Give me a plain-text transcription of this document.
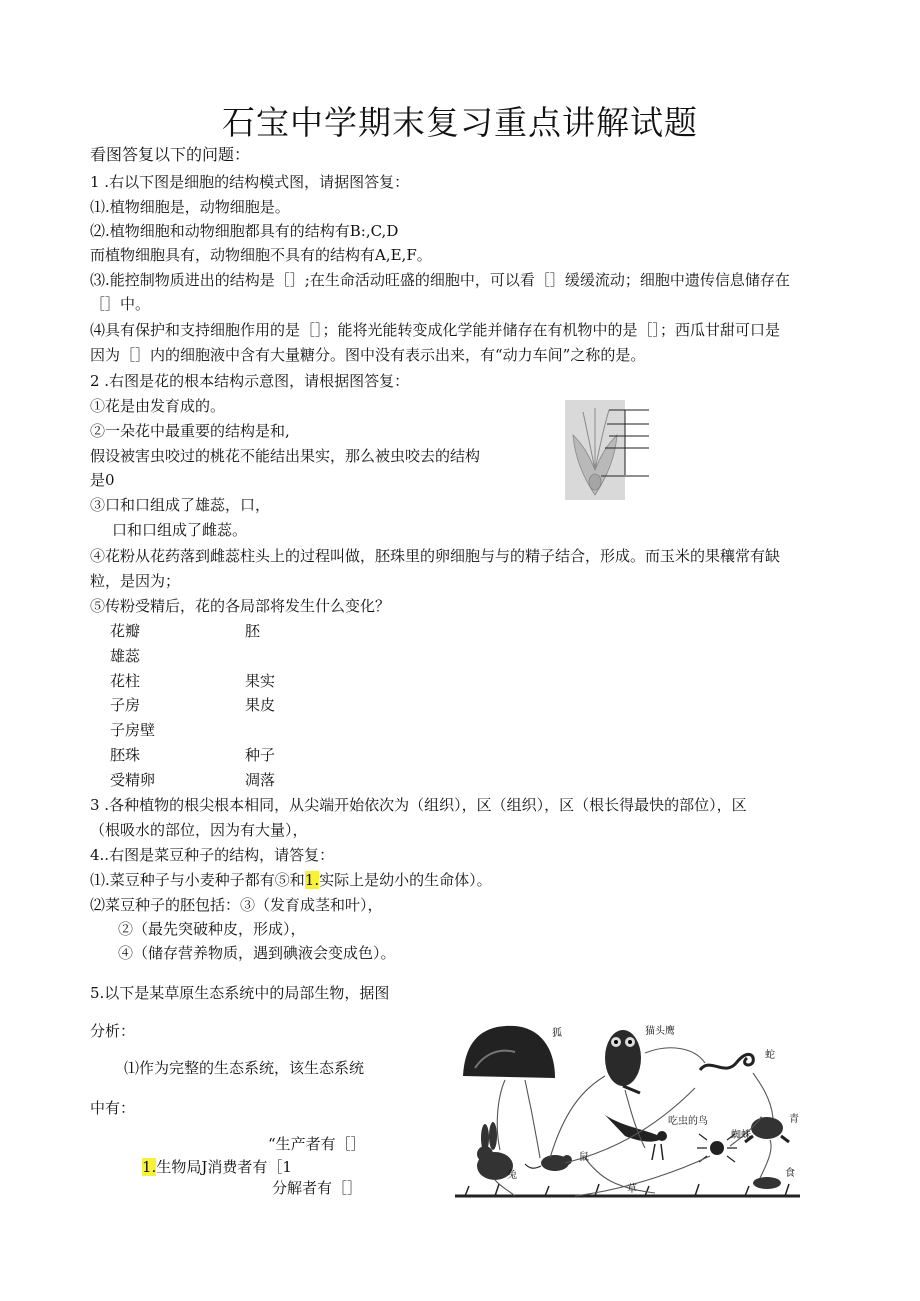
石宝中学期末复习重点讲解试题
看图答复以下的问题：
1 .右以下图是细胞的结构模式图，请据图答复：
⑴.植物细胞是，动物细胞是。
⑵.植物细胞和动物细胞都具有的结构有B:,C,D
而植物细胞具有，动物细胞不具有的结构有A,E,F。
⑶.能控制物质进出的结构是［］;在生命活动旺盛的细胞中，可以看［］缓缓流动；细胞中遗传信息储存在
［］中。
⑷具有保护和支持细胞作用的是［］；能将光能转变成化学能并储存在有机物中的是［］；西瓜甘甜可口是
因为［］内的细胞液中含有大量糖分。图中没有表示出来，有“动力车间”之称的是。
2 .右图是花的根本结构示意图，请根据图答复：
①花是由发育成的。
②一朵花中最重要的结构是和,
假设被害虫咬过的桃花不能结出果实，那么被虫咬去的结构
是0
③口和口组成了雄蕊，口，
口和口组成了雌蕊。
④花粉从花药落到雌蕊柱头上的过程叫做，胚珠里的卵细胞与与的精子结合，形成。而玉米的果穰常有缺
粒，是因为；
⑤传粉受精后，花的各局部将发生什么变化？
花瓣	胚
雄蕊
花柱	果实
子房	果皮
子房壁
胚珠	种子
受精卵	凋落
3 .各种植物的根尖根本相同，从尖端开始依次为（组织），区（组织），区（根长得最快的部位），区
（根吸水的部位，因为有大量），
4..右图是菜豆种子的结构，请答复：
⑴.菜豆种子与小麦种子都有⑤和1.实际上是幼小的生命体）。
⑵菜豆种子的胚包括：③（发育成茎和叶），
②（最先突破种皮，形成），
④（储存营养物质，遇到碘液会变成色）。
5.以下是某草原生态系统中的局部生物，据图
分析：
⑴作为完整的生态系统，该生态系统
中有：
“生产者有［］
1.生物局J消费者有［1
分解者有［］
狐	猫头鹰
蛇
吃虫的鸟
蜘蛛
青
兔
鼠
草
食
